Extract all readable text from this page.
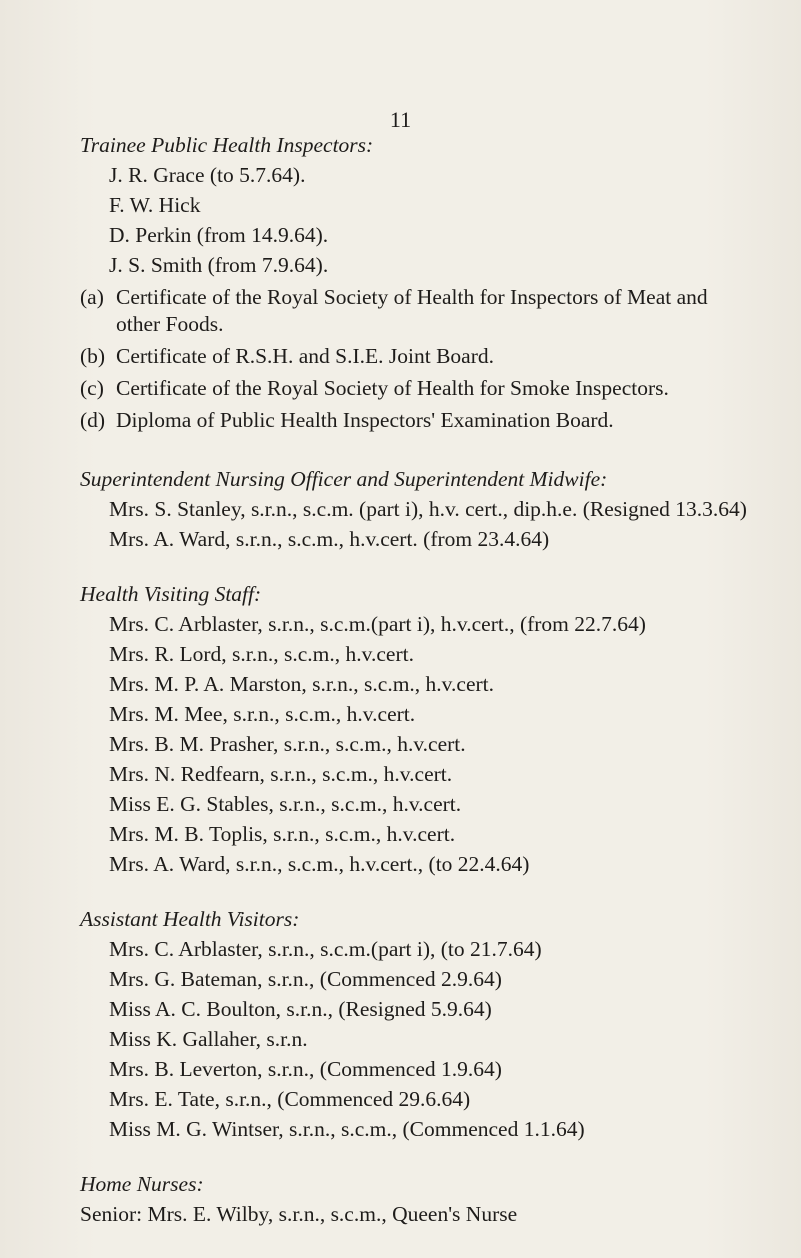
11
Trainee Public Health Inspectors:
J. R. Grace (to 5.7.64).
F. W. Hick
D. Perkin (from 14.9.64).
J. S. Smith (from 7.9.64).
(a) Certificate of the Royal Society of Health for Inspectors of Meat and other Foods.
(b) Certificate of R.S.H. and S.I.E. Joint Board.
(c) Certificate of the Royal Society of Health for Smoke Inspectors.
(d) Diploma of Public Health Inspectors' Examination Board.
Superintendent Nursing Officer and Superintendent Midwife:
Mrs. S. Stanley, s.r.n., s.c.m. (part i), h.v. cert., dip.h.e. (Resigned 13.3.64)
Mrs. A. Ward, s.r.n., s.c.m., h.v.cert. (from 23.4.64)
Health Visiting Staff:
Mrs. C. Arblaster, s.r.n., s.c.m.(part i), h.v.cert., (from 22.7.64)
Mrs. R. Lord, s.r.n., s.c.m., h.v.cert.
Mrs. M. P. A. Marston, s.r.n., s.c.m., h.v.cert.
Mrs. M. Mee, s.r.n., s.c.m., h.v.cert.
Mrs. B. M. Prasher, s.r.n., s.c.m., h.v.cert.
Mrs. N. Redfearn, s.r.n., s.c.m., h.v.cert.
Miss E. G. Stables, s.r.n., s.c.m., h.v.cert.
Mrs. M. B. Toplis, s.r.n., s.c.m., h.v.cert.
Mrs. A. Ward, s.r.n., s.c.m., h.v.cert., (to 22.4.64)
Assistant Health Visitors:
Mrs. C. Arblaster, s.r.n., s.c.m.(part i), (to 21.7.64)
Mrs. G. Bateman, s.r.n., (Commenced 2.9.64)
Miss A. C. Boulton, s.r.n., (Resigned 5.9.64)
Miss K. Gallaher, s.r.n.
Mrs. B. Leverton, s.r.n., (Commenced 1.9.64)
Mrs. E. Tate, s.r.n., (Commenced 29.6.64)
Miss M. G. Wintser, s.r.n., s.c.m., (Commenced 1.1.64)
Home Nurses:
Senior: Mrs. E. Wilby, s.r.n., s.c.m., Queen's Nurse
